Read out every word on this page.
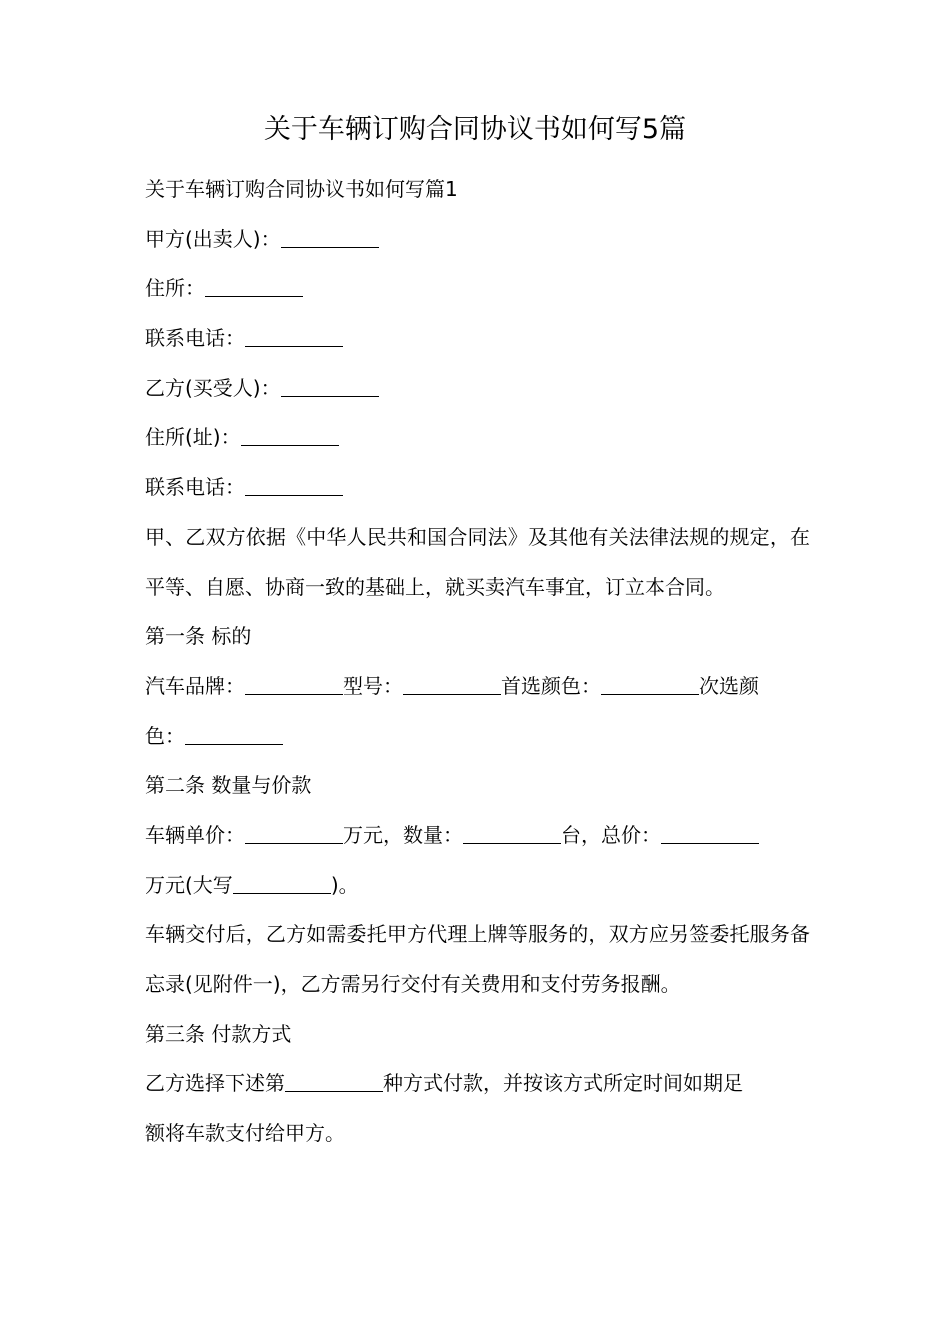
关于车辆订购合同协议书如何写5篇
关于车辆订购合同协议书如何写篇1
甲方(出卖人)：
住所：
联系电话：
乙方(买受人)：
住所(址)：
联系电话：
甲、乙双方依据《中华人民共和国合同法》及其他有关法律法规的规定，在平等、自愿、协商一致的基础上，就买卖汽车事宜，订立本合同。
第一条 标的
汽车品牌：	型号：	首选颜色：	次选颜
色：
第二条 数量与价款
车辆单价：	万元，数量：	台，总价：
万元(大写	)。
车辆交付后，乙方如需委托甲方代理上牌等服务的，双方应另签委托服务备忘录(见附件一)，乙方需另行交付有关费用和支付劳务报酬。
第三条 付款方式
乙方选择下述第	种方式付款，并按该方式所定时间如期足
额将车款支付给甲方。
